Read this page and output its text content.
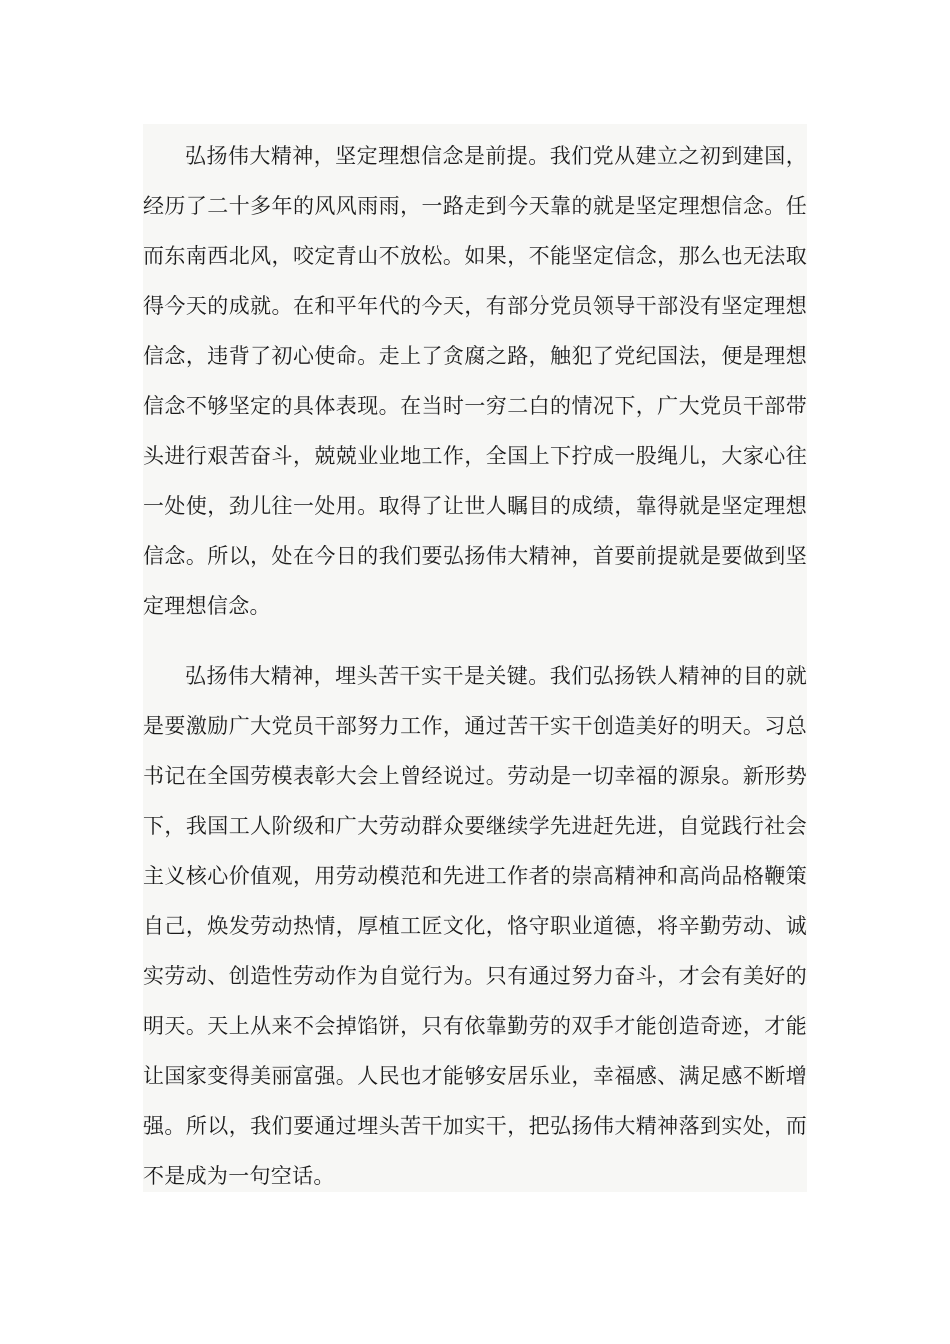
弘扬伟大精神，坚定理想信念是前提。我们党从建立之初到建国，经历了二十多年的风风雨雨，一路走到今天靠的就是坚定理想信念。任而东南西北风，咬定青山不放松。如果，不能坚定信念，那么也无法取得今天的成就。在和平年代的今天，有部分党员领导干部没有坚定理想信念，违背了初心使命。走上了贪腐之路，触犯了党纪国法，便是理想信念不够坚定的具体表现。在当时一穷二白的情况下，广大党员干部带头进行艰苦奋斗，兢兢业业地工作，全国上下拧成一股绳儿，大家心往一处使，劲儿往一处用。取得了让世人瞩目的成绩，靠得就是坚定理想信念。所以，处在今日的我们要弘扬伟大精神，首要前提就是要做到坚定理想信念。

弘扬伟大精神，埋头苦干实干是关键。我们弘扬铁人精神的目的就是要激励广大党员干部努力工作，通过苦干实干创造美好的明天。习总书记在全国劳模表彰大会上曾经说过。劳动是一切幸福的源泉。新形势下，我国工人阶级和广大劳动群众要继续学先进赶先进，自觉践行社会主义核心价值观，用劳动模范和先进工作者的崇高精神和高尚品格鞭策自己，焕发劳动热情，厚植工匠文化，恪守职业道德，将辛勤劳动、诚实劳动、创造性劳动作为自觉行为。只有通过努力奋斗，才会有美好的明天。天上从来不会掉馅饼，只有依靠勤劳的双手才能创造奇迹，才能让国家变得美丽富强。人民也才能够安居乐业，幸福感、满足感不断增强。所以，我们要通过埋头苦干加实干，把弘扬伟大精神落到实处，而不是成为一句空话。
